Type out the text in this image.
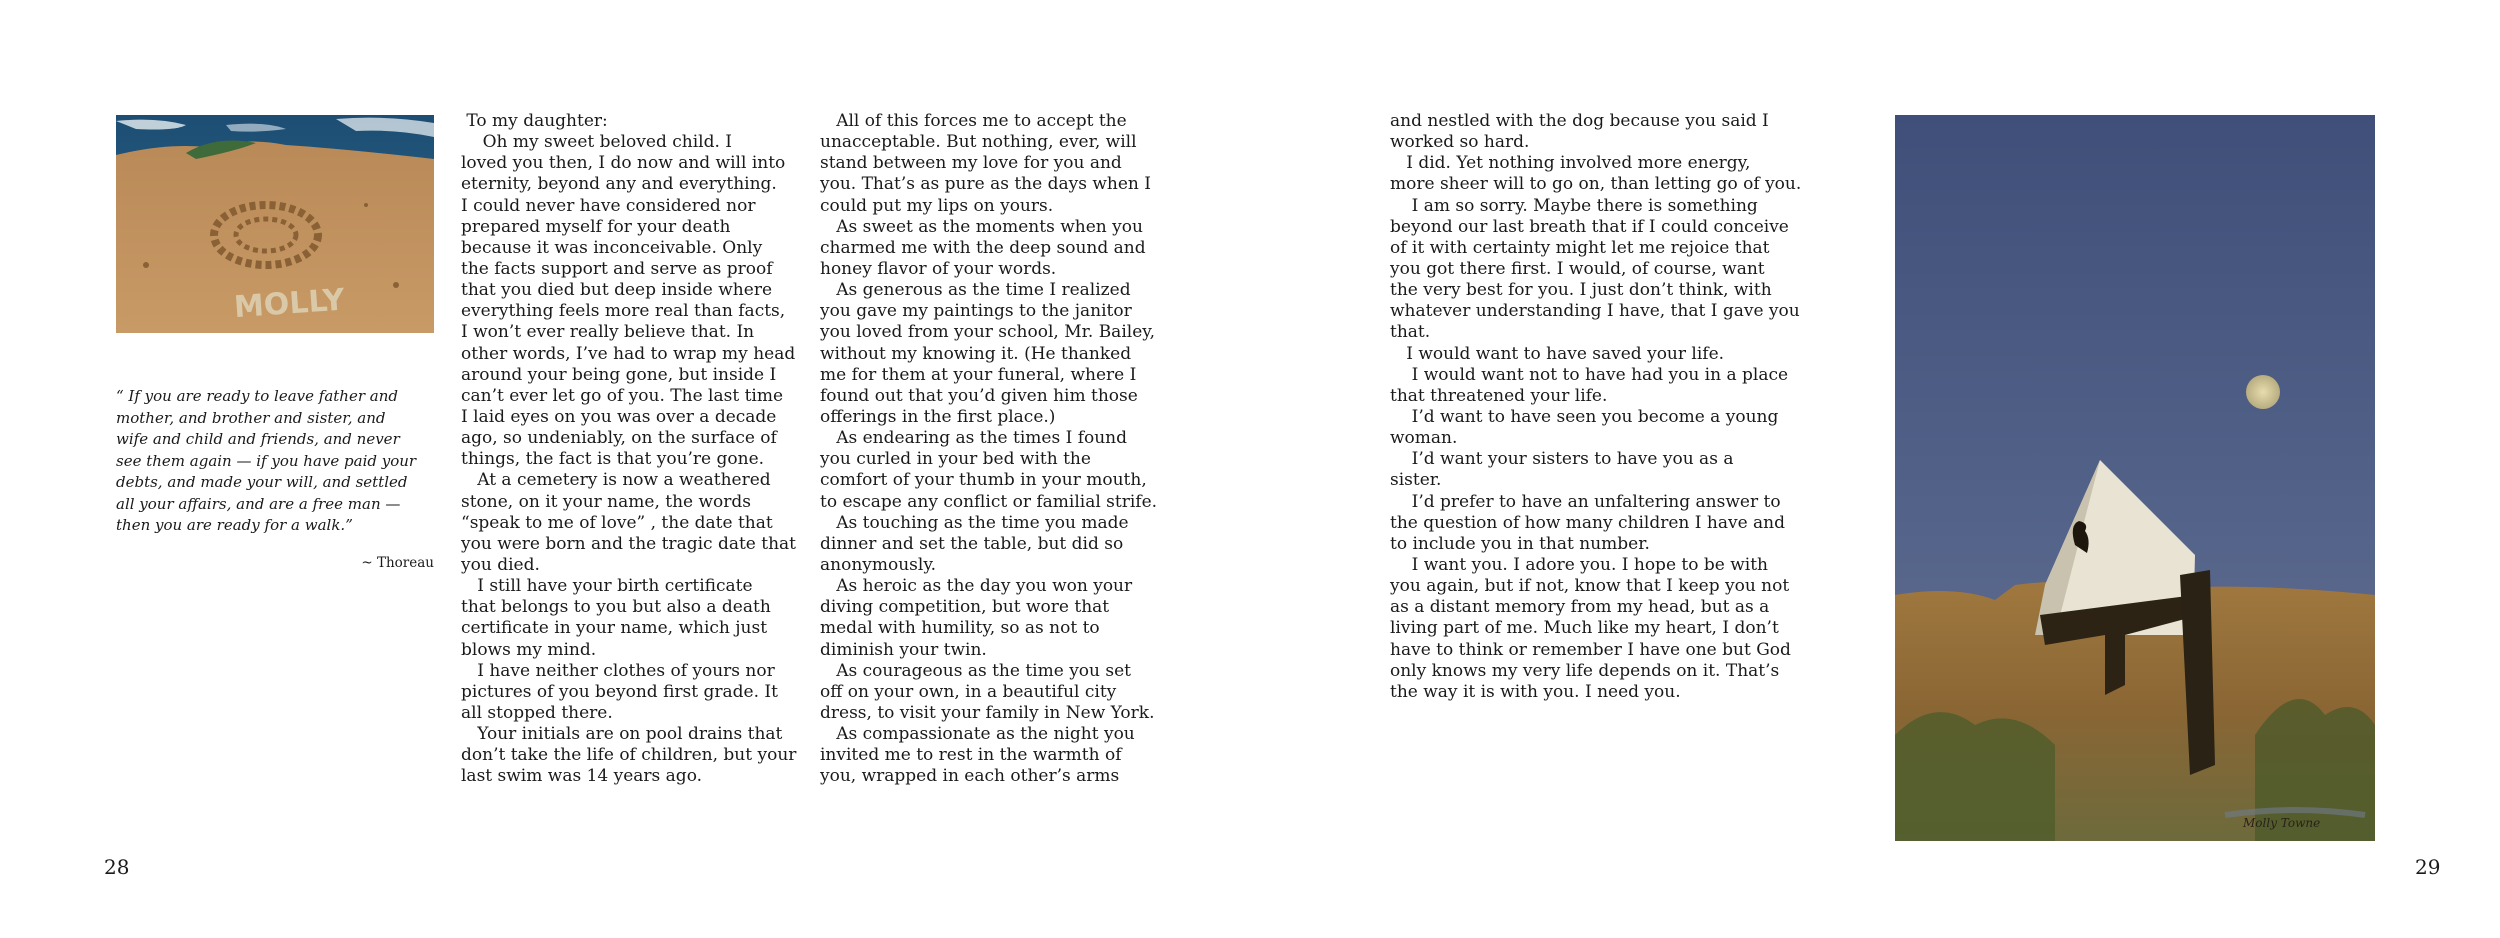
MOLLY
“ If you are ready to leave father and
mother, and brother and sister, and
wife and child and friends, and never
see them again — if you have paid your
debts, and made your will, and settled
all your affairs, and are a free man —
then you are ready for a walk.”
~ Thoreau
To my daughter:
Oh my sweet beloved child. I
loved you then, I do now and will into
eternity, beyond any and everything.
I could never have considered nor
prepared myself for your death
because it was inconceivable. Only
the facts support and serve as proof
that you died but deep inside where
everything feels more real than facts,
I won’t ever really believe that. In
other words, I’ve had to wrap my head
around your being gone, but inside I
can’t ever let go of you. The last time
I laid eyes on you was over a decade
ago, so undeniably, on the surface of
things, the fact is that you’re gone.
At a cemetery is now a weathered
stone, on it your name, the words
“speak to me of love” , the date that
you were born and the tragic date that
you died.
I still have your birth certificate
that belongs to you but also a death
certificate in your name, which just
blows my mind.
I have neither clothes of yours nor
pictures of you beyond first grade. It
all stopped there.
Your initials are on pool drains that
don’t take the life of children, but your
last swim was 14 years ago.
All of this forces me to accept the
unacceptable. But nothing, ever, will
stand between my love for you and
you. That’s as pure as the days when I
could put my lips on yours.
As sweet as the moments when you
charmed me with the deep sound and
honey flavor of your words.
As generous as the time I realized
you gave my paintings to the janitor
you loved from your school, Mr. Bailey,
without my knowing it. (He thanked
me for them at your funeral, where I
found out that you’d given him those
offerings in the first place.)
As endearing as the times I found
you curled in your bed with the
comfort of your thumb in your mouth,
to escape any conflict or familial strife.
As touching as the time you made
dinner and set the table, but did so
anonymously.
As heroic as the day you won your
diving competition, but wore that
medal with humility, so as not to
diminish your twin.
As courageous as the time you set
off on your own, in a beautiful city
dress, to visit your family in New York.
As compassionate as the night you
invited me to rest in the warmth of
you, wrapped in each other’s arms
28
and nestled with the dog because you said I
worked so hard.
I did. Yet nothing involved more energy,
more sheer will to go on, than letting go of you.
I am so sorry. Maybe there is something
beyond our last breath that if I could conceive
of it with certainty might let me rejoice that
you got there first. I would, of course, want
the very best for you. I just don’t think, with
whatever understanding I have, that I gave you
that.
I would want to have saved your life.
I would want not to have had you in a place
that threatened your life.
I’d want to have seen you become a young
woman.
I’d want your sisters to have you as a
sister.
I’d prefer to have an unfaltering answer to
the question of how many children I have and
to include you in that number.
I want you. I adore you. I hope to be with
you again, but if not, know that I keep you not
as a distant memory from my head, but as a
living part of me. Much like my heart, I don’t
have to think or remember I have one but God
only knows my very life depends on it. That’s
the way it is with you. I need you.
Molly Towne
29
